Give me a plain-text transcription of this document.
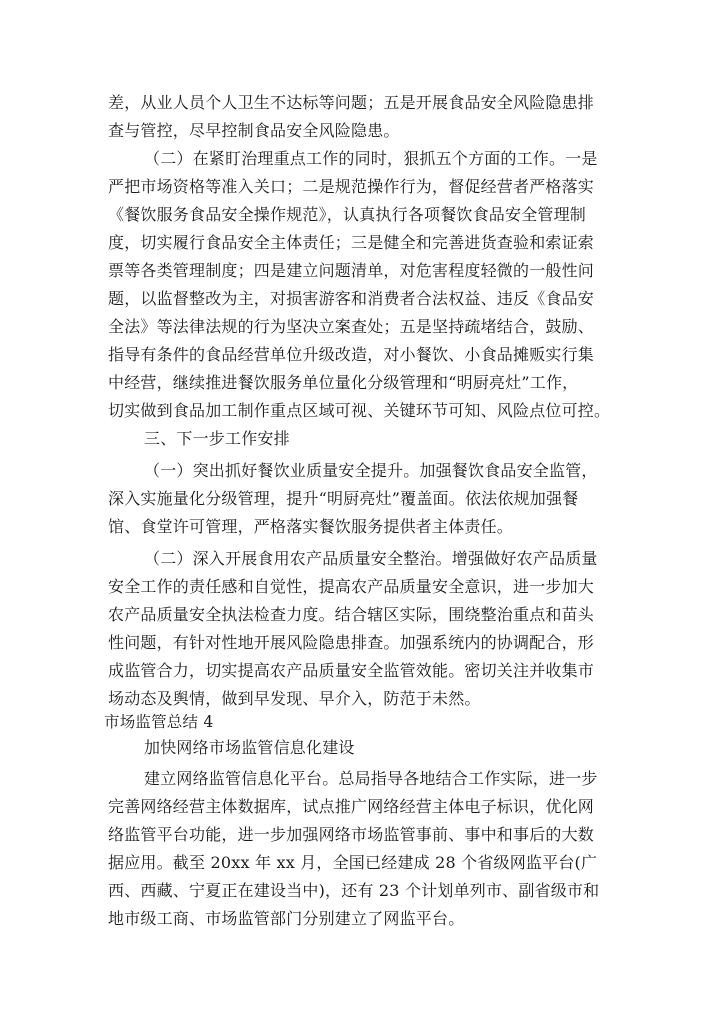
差，从业人员个人卫生不达标等问题；五是开展食品安全风险隐患排
查与管控，尽早控制食品安全风险隐患。
（二）在紧盯治理重点工作的同时，狠抓五个方面的工作。一是
严把市场资格等准入关口；二是规范操作行为，督促经营者严格落实
《餐饮服务食品安全操作规范》，认真执行各项餐饮食品安全管理制
度，切实履行食品安全主体责任；三是健全和完善进货查验和索证索
票等各类管理制度；四是建立问题清单，对危害程度轻微的一般性问
题，以监督整改为主，对损害游客和消费者合法权益、违反《食品安
全法》等法律法规的行为坚决立案查处；五是坚持疏堵结合，鼓励、
指导有条件的食品经营单位升级改造，对小餐饮、小食品摊贩实行集
中经营，继续推进餐饮服务单位量化分级管理和“明厨亮灶”工作，
切实做到食品加工制作重点区域可视、关键环节可知、风险点位可控。
三、下一步工作安排
（一）突出抓好餐饮业质量安全提升。加强餐饮食品安全监管，
深入实施量化分级管理，提升“明厨亮灶”覆盖面。依法依规加强餐
馆、食堂许可管理，严格落实餐饮服务提供者主体责任。
（二）深入开展食用农产品质量安全整治。增强做好农产品质量
安全工作的责任感和自觉性，提高农产品质量安全意识，进一步加大
农产品质量安全执法检查力度。结合辖区实际，围绕整治重点和苗头
性问题，有针对性地开展风险隐患排查。加强系统内的协调配合，形
成监管合力，切实提高农产品质量安全监管效能。密切关注并收集市
场动态及舆情，做到早发现、早介入，防范于未然。
市场监管总结 4
加快网络市场监管信息化建设
建立网络监管信息化平台。总局指导各地结合工作实际，进一步
完善网络经营主体数据库，试点推广网络经营主体电子标识，优化网
络监管平台功能，进一步加强网络市场监管事前、事中和事后的大数
据应用。截至 20xx 年 xx 月，全国已经建成 28 个省级网监平台(广
西、西藏、宁夏正在建设当中)，还有 23 个计划单列市、副省级市和
地市级工商、市场监管部门分别建立了网监平台。
